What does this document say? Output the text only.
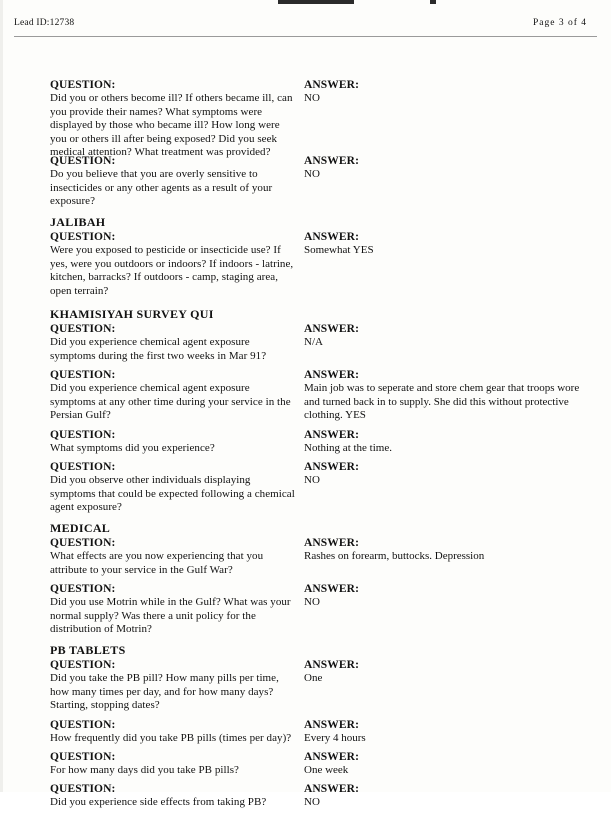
Lead ID:12738	Page 3 of 4
QUESTION:
Did you or others become ill? If others became ill, can you provide their names? What symptoms were displayed by those who became ill? How long were you or others ill after being exposed? Did you seek medical attention? What treatment was provided?
ANSWER:
NO
QUESTION:
Do you believe that you are overly sensitive to insecticides or any other agents as a result of your exposure?
ANSWER:
NO
JALIBAH
QUESTION:
Were you exposed to pesticide or insecticide use? If yes, were you outdoors or indoors? If indoors - latrine, kitchen, barracks? If outdoors - camp, staging area, open terrain?
ANSWER:
Somewhat YES
KHAMISIYAH SURVEY QUI
QUESTION:
Did you experience chemical agent exposure symptoms during the first two weeks in Mar 91?
ANSWER:
N/A
QUESTION:
Did you experience chemical agent exposure symptoms at any other time during your service in the Persian Gulf?
ANSWER:
Main job was to seperate and store chem gear that troops wore and turned back in to supply. She did this without protective clothing. YES
QUESTION:
What symptoms did you experience?
ANSWER:
Nothing at the time.
QUESTION:
Did you observe other individuals displaying symptoms that could be expected following a chemical agent exposure?
ANSWER:
NO
MEDICAL
QUESTION:
What effects are you now experiencing that you attribute to your service in the Gulf War?
ANSWER:
Rashes on forearm, buttocks. Depression
QUESTION:
Did you use Motrin while in the Gulf? What was your normal supply? Was there a unit policy for the distribution of Motrin?
ANSWER:
NO
PB TABLETS
QUESTION:
Did you take the PB pill? How many pills per time, how many times per day, and for how many days? Starting, stopping dates?
ANSWER:
One
QUESTION:
How frequently did you take PB pills (times per day)?
ANSWER:
Every 4 hours
QUESTION:
For how many days did you take PB pills?
ANSWER:
One week
QUESTION:
Did you experience side effects from taking PB?
ANSWER:
NO
